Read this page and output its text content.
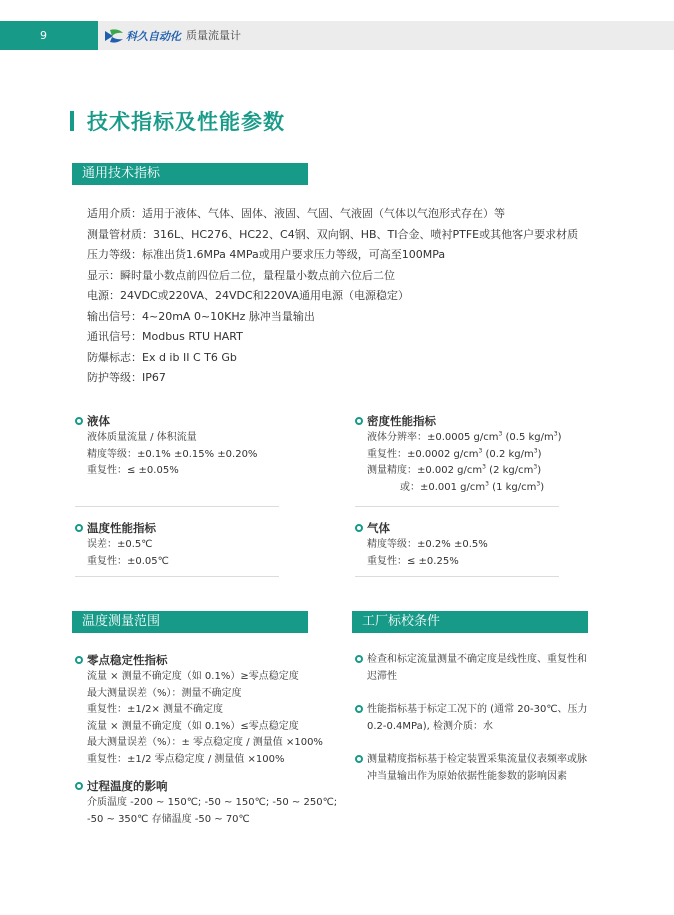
9	科久自动化 质量流量计
技术指标及性能参数
通用技术指标
适用介质：适用于液体、气体、固体、液固、气固、气液固（气体以气泡形式存在）等
测量管材质：316L、HC276、HC22、C4钢、双向钢、HB、TI合金、喷衬PTFE或其他客户要求材质
压力等级：标准出货1.6MPa 4MPa或用户要求压力等级，可高至100MPa
显示：瞬时量小数点前四位后二位，量程量小数点前六位后二位
电源：24VDC或220VA、24VDC和220VA通用电源（电源稳定）
输出信号：4~20mA 0~10KHz 脉冲当量输出
通讯信号：Modbus RTU HART
防爆标志：Ex d ib II C T6 Gb
防护等级：IP67
液体
液体质量流量 / 体积流量
精度等级：±0.1% ±0.15% ±0.20%
重复性：≤ ±0.05%
密度性能指标
液体分辨率：±0.0005 $g/cm^3$ (0.5 $kg/m^3$)
重复性：±0.0002 $g/cm^3$ (0.2 $kg/m^3$)
测量精度：±0.002 $g/cm^3$ (2 $kg/cm^3$)
或：±0.001 $g/cm^3$ (1 $kg/cm^3$)
温度性能指标
误差：±0.5℃
重复性：±0.05℃
气体
精度等级：±0.2% ±0.5%
重复性：≤ ±0.25%
温度测量范围
零点稳定性指标
流量 × 测量不确定度（如 0.1%）≥零点稳定度
最大测量误差（%）：测量不确定度
重复性：±1/2× 测量不确定度
流量 × 测量不确定度（如 0.1%）≤零点稳定度
最大测量误差（%）：± 零点稳定度 / 测量值 ×100%
重复性：±1/2 零点稳定度 / 测量值 ×100%
过程温度的影响
介质温度 -200 ~ 150℃; -50 ~ 150℃; -50 ~ 250℃;
-50 ~ 350℃ 存储温度 -50 ~ 70℃
工厂标校条件
检查和标定流量测量不确定度是线性度、重复性和迟滞性
性能指标基于标定工况下的 (通常 20-30℃、压力0.2-0.4MPa), 检测介质：水
测量精度指标基于检定装置采集流量仪表频率或脉冲当量输出作为原始依据性能参数的影响因素
